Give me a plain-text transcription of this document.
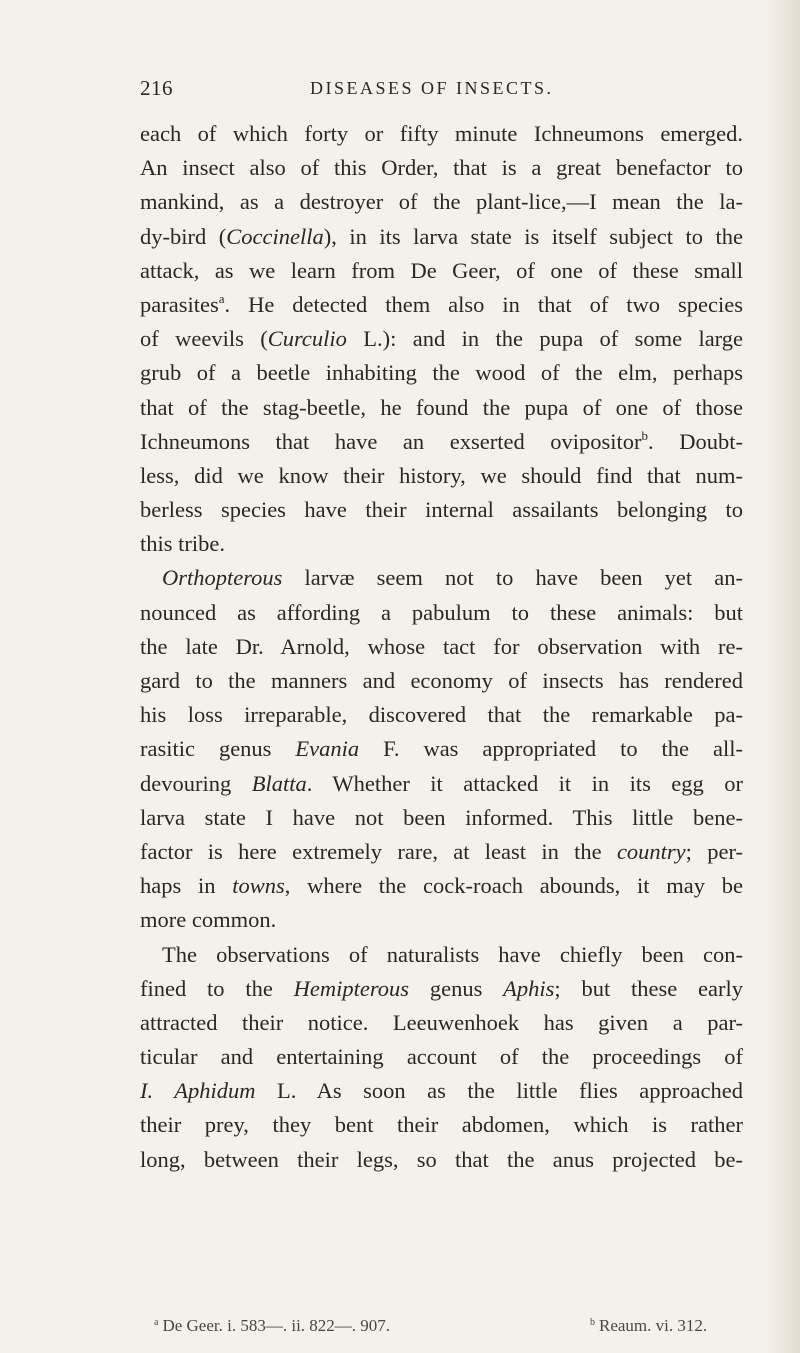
216	DISEASES OF INSECTS.
each of which forty or fifty minute Ichneumons emerged.
An insect also of this Order, that is a great benefactor to
mankind, as a destroyer of the plant-lice,—I mean the la-
dy-bird (Coccinella), in its larva state is itself subject to the
attack, as we learn from De Geer, of one of these small
parasites$^a$. He detected them also in that of two species
of weevils (Curculio L.): and in the pupa of some large
grub of a beetle inhabiting the wood of the elm, perhaps
that of the stag-beetle, he found the pupa of one of those
Ichneumons that have an exserted ovipositor$^b$. Doubt-
less, did we know their history, we should find that num-
berless species have their internal assailants belonging to
this tribe.
Orthopterous larvæ seem not to have been yet an-
nounced as affording a pabulum to these animals: but
the late Dr. Arnold, whose tact for observation with re-
gard to the manners and economy of insects has rendered
his loss irreparable, discovered that the remarkable pa-
rasitic genus Evania F. was appropriated to the all-
devouring Blatta. Whether it attacked it in its egg or
larva state I have not been informed. This little bene-
factor is here extremely rare, at least in the country; per-
haps in towns, where the cock-roach abounds, it may be
more common.
The observations of naturalists have chiefly been con-
fined to the Hemipterous genus Aphis; but these early
attracted their notice. Leeuwenhoek has given a par-
ticular and entertaining account of the proceedings of
I. Aphidum L. As soon as the little flies approached
their prey, they bent their abdomen, which is rather
long, between their legs, so that the anus projected be-
$^a$ De Geer. i. 583—. ii. 822—. 907.	$^b$ Reaum. vi. 312.
